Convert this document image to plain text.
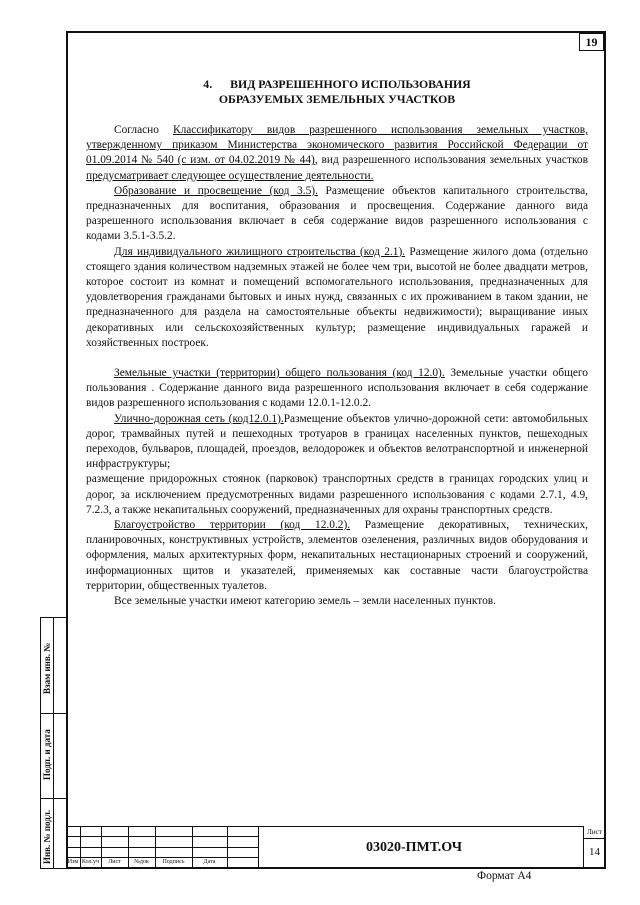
19
Инв. № подл.
Подп. и дата
Взам инв. №
4. ВИД РАЗРЕШЕННОГО ИСПОЛЬЗОВАНИЯ
ОБРАЗУЕМЫХ ЗЕМЕЛЬНЫХ УЧАСТКОВ

Согласно Классификатору видов разрешенного использования земельных участков, утвержденному приказом Министерства экономического развития Российской Федерации от 01.09.2014 № 540 (с изм. от 04.02.2019 № 44), вид разрешенного использования земельных участков предусматривает следующее осуществление деятельности.

Образование и просвещение (код 3.5). Размещение объектов капитального строительства, предназначенных для воспитания, образования и просвещения. Содержание данного вида разрешенного использования включает в себя содержание видов разрешенного использования с кодами 3.5.1-3.5.2.

Для индивидуального жилищного строительства (код 2.1). Размещение жилого дома (отдельно стоящего здания количеством надземных этажей не более чем три, высотой не более двадцати метров, которое состоит из комнат и помещений вспомогательного использования, предназначенных для удовлетворения гражданами бытовых и иных нужд, связанных с их проживанием в таком здании, не предназначенного для раздела на самостоятельные объекты недвижимости); выращивание иных декоративных или сельскохозяйственных культур; размещение индивидуальных гаражей и хозяйственных построек.

Земельные участки (территории) общего пользования (код 12.0). Земельные участки общего пользования . Содержание данного вида разрешенного использования включает в себя содержание видов разрешенного использования с кодами 12.0.1-12.0.2.

Улично-дорожная сеть (код12.0.1).Размещение объектов улично-дорожной сети: автомобильных дорог, трамвайных путей и пешеходных тротуаров в границах населенных пунктов, пешеходных переходов, бульваров, площадей, проездов, велодорожек и объектов велотранспортной и инженерной инфраструктуры;

размещение придорожных стоянок (парковок) транспортных средств в границах городских улиц и дорог, за исключением предусмотренных видами разрешенного использования с кодами 2.7.1, 4.9, 7.2.3, а также некапитальных сооружений, предназначенных для охраны транспортных средств.

Благоустройство территории (код 12.0.2). Размещение декоративных, технических, планировочных, конструктивных устройств, элементов озеленения, различных видов оборудования и оформления, малых архитектурных форм, некапитальных нестационарных строений и сооружений, информационных щитов и указателей, применяемых как составные части благоустройства территории, общественных туалетов.

Все земельные участки имеют категорию земель – земли населенных пунктов.

Изм Кол.уч	Лист	№док	Подпись	Дата
03020-ПМТ.ОЧ
Лист
14
Формат А4
